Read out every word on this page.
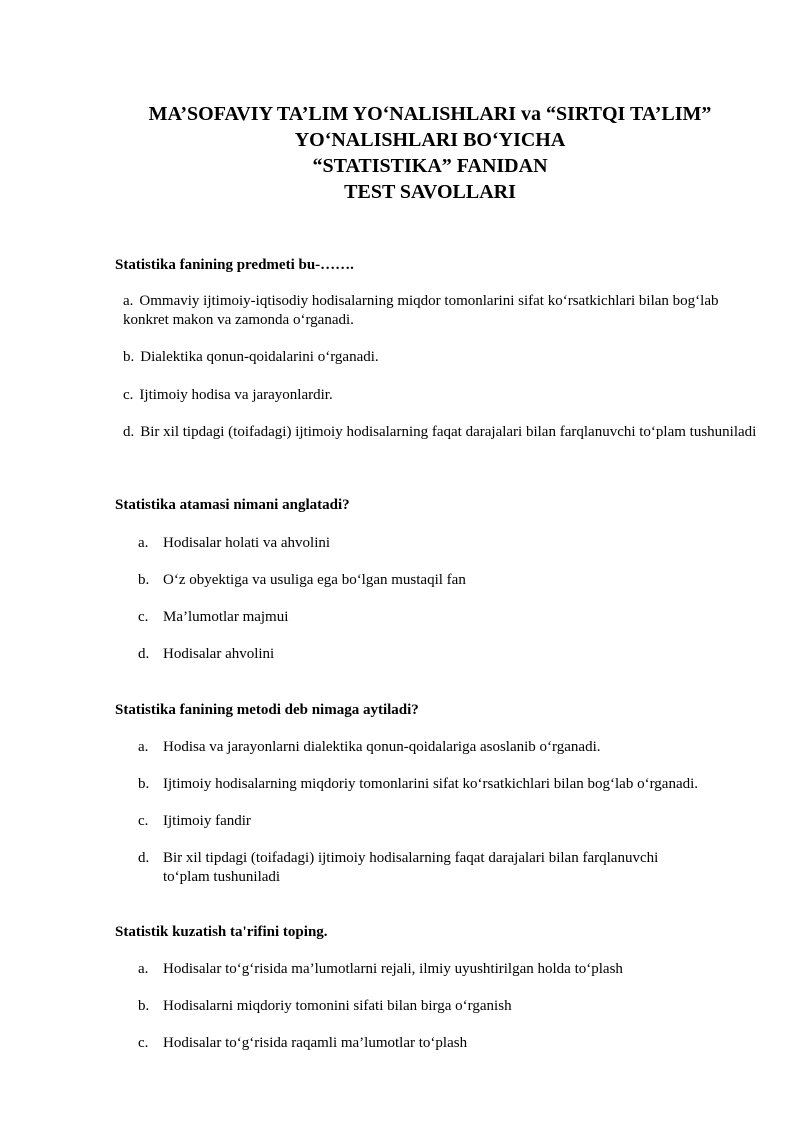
MA’SOFAVIY TA’LIM YO‘NALISHLARI va “SIRTQI TA’LIM”
YO‘NALISHLARI BO‘YICHA
“STATISTIKA” FANIDAN
TEST SAVOLLARI
Statistika fanining predmeti bu-…….
a. Ommaviy ijtimoiy-iqtisodiy hodisalarning miqdor tomonlarini sifat ko‘rsatkichlari bilan bog‘lab konkret makon va zamonda o‘rganadi.
b. Dialektika qonun-qoidalarini o‘rganadi.
c. Ijtimoiy hodisa va jarayonlardir.
d. Bir xil tipdagi (toifadagi) ijtimoiy hodisalarning faqat darajalari bilan farqlanuvchi to‘plam tushuniladi
Statistika atamasi nimani anglatadi?
a. Hodisalar holati va ahvolini
b. O‘z obyektiga va usuliga ega bo‘lgan mustaqil fan
c. Ma’lumotlar majmui
d. Hodisalar ahvolini
Statistika fanining metodi deb nimaga aytiladi?
a. Hodisa va jarayonlarni dialektika qonun-qoidalariga asoslanib o‘rganadi.
b. Ijtimoiy hodisalarning miqdoriy tomonlarini sifat ko‘rsatkichlari bilan bog‘lab o‘rganadi.
c. Ijtimoiy fandir
d. Bir xil tipdagi (toifadagi) ijtimoiy hodisalarning faqat darajalari bilan farqlanuvchi to‘plam tushuniladi
Statistik kuzatish ta'rifini toping.
a. Hodisalar to‘g‘risida ma’lumotlarni rejali, ilmiy uyushtirilgan holda to‘plash
b. Hodisalarni miqdoriy tomonini sifati bilan birga o‘rganish
c. Hodisalar to‘g‘risida raqamli ma’lumotlar to‘plash
